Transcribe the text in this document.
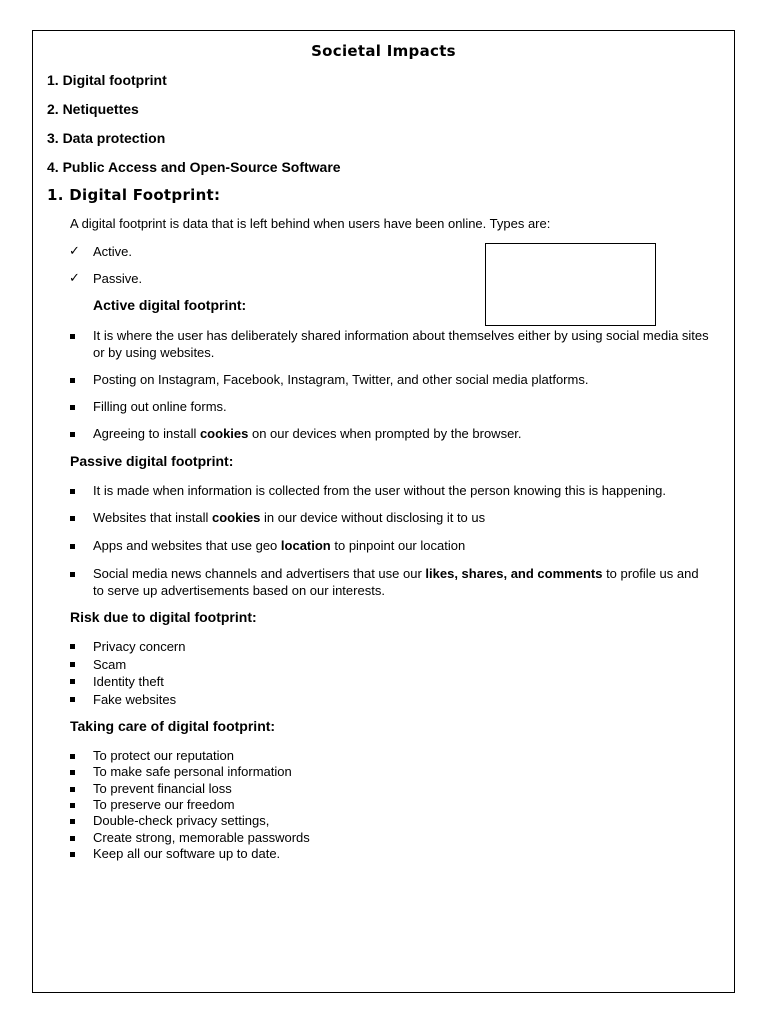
Societal Impacts
1. Digital footprint
2. Netiquettes
3. Data protection
4. Public Access and Open-Source Software
1. Digital Footprint:
A digital footprint is data that is left behind when users have been online. Types are:
✓ Active.
✓ Passive.
Active digital footprint:
It is where the user has deliberately shared information about themselves either by using social media sites or by using websites.
Posting on Instagram, Facebook, Instagram, Twitter, and other social media platforms.
Filling out online forms.
Agreeing to install cookies on our devices when prompted by the browser.
Passive digital footprint:
It is made when information is collected from the user without the person knowing this is happening.
Websites that install cookies in our device without disclosing it to us
Apps and websites that use geo location to pinpoint our location
Social media news channels and advertisers that use our likes, shares, and comments to profile us and to serve up advertisements based on our interests.
Risk due to digital footprint:
Privacy concern
Scam
Identity theft
Fake websites
Taking care of digital footprint:
To protect our reputation
To make safe personal information
To prevent financial loss
To preserve our freedom
Double-check privacy settings,
Create strong, memorable passwords
Keep all our software up to date.
